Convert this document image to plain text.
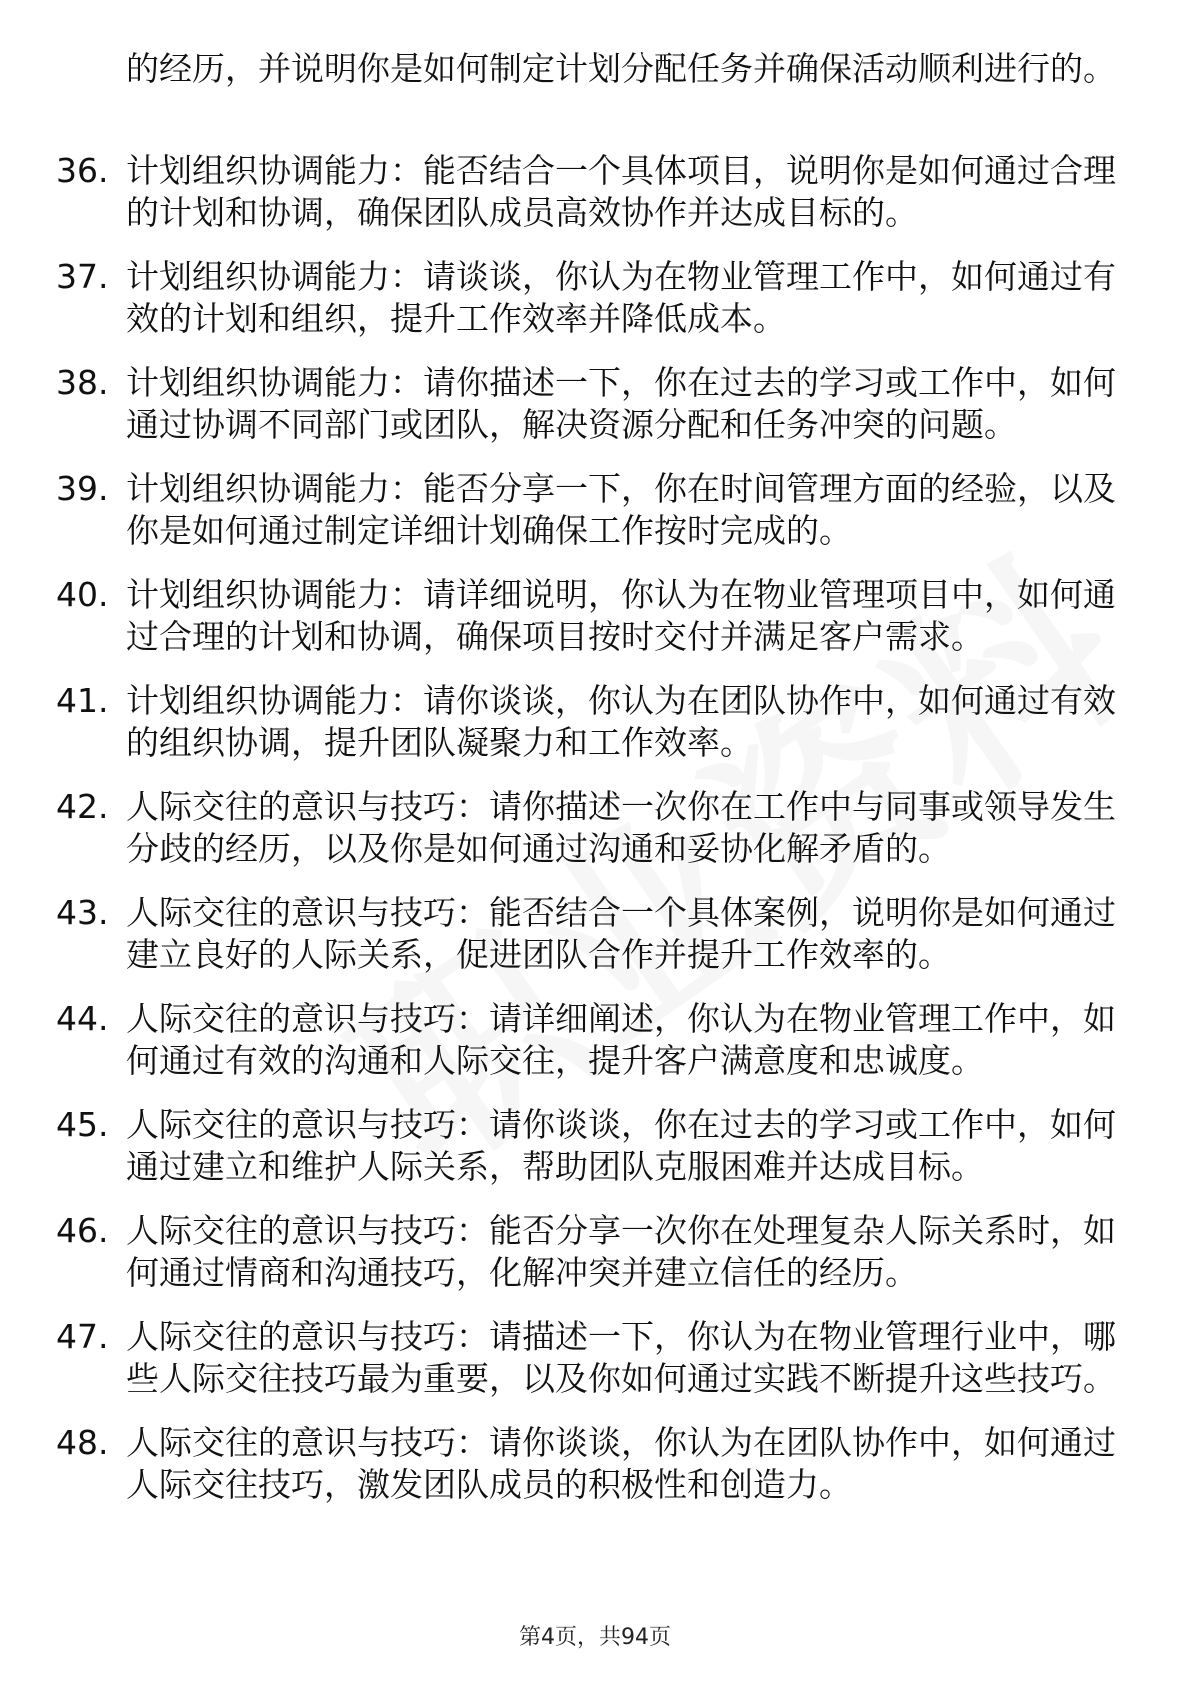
的经历，并说明你是如何制定计划分配任务并确保活动顺利进行的。
36. 计划组织协调能力：能否结合一个具体项目，说明你是如何通过合理的计划和协调，确保团队成员高效协作并达成目标的。
37. 计划组织协调能力：请谈谈，你认为在物业管理工作中，如何通过有效的计划和组织，提升工作效率并降低成本。
38. 计划组织协调能力：请你描述一下，你在过去的学习或工作中，如何通过协调不同部门或团队，解决资源分配和任务冲突的问题。
39. 计划组织协调能力：能否分享一下，你在时间管理方面的经验，以及你是如何通过制定详细计划确保工作按时完成的。
40. 计划组织协调能力：请详细说明，你认为在物业管理项目中，如何通过合理的计划和协调，确保项目按时交付并满足客户需求。
41. 计划组织协调能力：请你谈谈，你认为在团队协作中，如何通过有效的组织协调，提升团队凝聚力和工作效率。
42. 人际交往的意识与技巧：请你描述一次你在工作中与同事或领导发生分歧的经历，以及你是如何通过沟通和妥协化解矛盾的。
43. 人际交往的意识与技巧：能否结合一个具体案例，说明你是如何通过建立良好的人际关系，促进团队合作并提升工作效率的。
44. 人际交往的意识与技巧：请详细阐述，你认为在物业管理工作中，如何通过有效的沟通和人际交往，提升客户满意度和忠诚度。
45. 人际交往的意识与技巧：请你谈谈，你在过去的学习或工作中，如何通过建立和维护人际关系，帮助团队克服困难并达成目标。
46. 人际交往的意识与技巧：能否分享一次你在处理复杂人际关系时，如何通过情商和沟通技巧，化解冲突并建立信任的经历。
47. 人际交往的意识与技巧：请描述一下，你认为在物业管理行业中，哪些人际交往技巧最为重要，以及你如何通过实践不断提升这些技巧。
48. 人际交往的意识与技巧：请你谈谈，你认为在团队协作中，如何通过人际交往技巧，激发团队成员的积极性和创造力。
第4页，共94页
